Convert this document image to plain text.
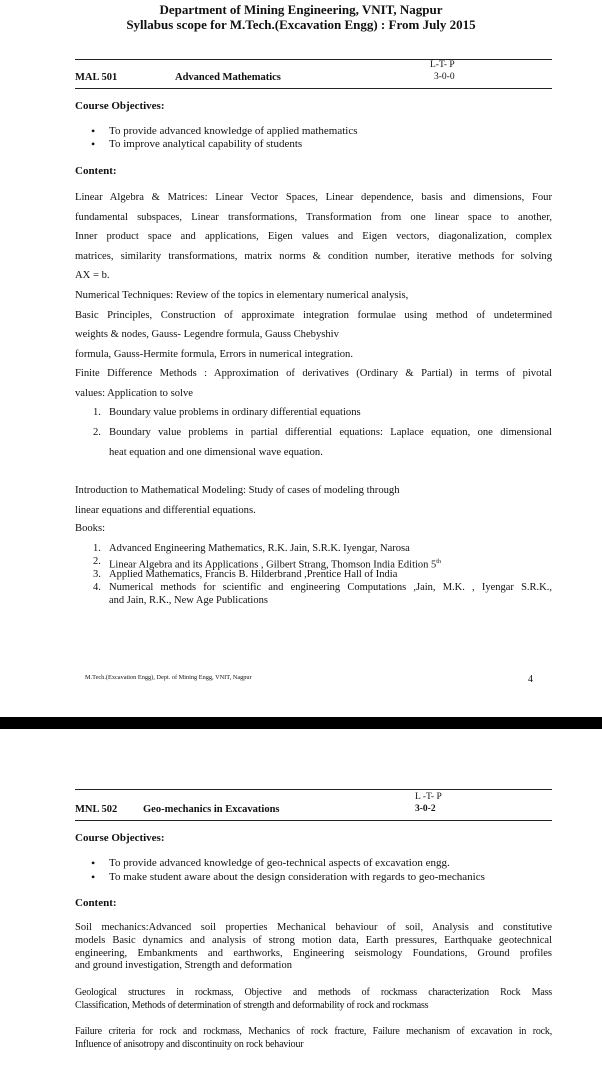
Department of Mining Engineering, VNIT, Nagpur
Syllabus scope for M.Tech.(Excavation Engg) : From July 2015
L-T- P
3-0-0
MAL 501	Advanced Mathematics
Course Objectives:
• To provide advanced knowledge of applied mathematics
• To improve analytical capability of students
Content:
Linear Algebra & Matrices: Linear Vector Spaces, Linear dependence, basis and dimensions, Four
fundamental subspaces, Linear transformations, Transformation from one linear space to another,
Inner product space and applications, Eigen values and Eigen vectors, diagonalization, complex
matrices, similarity transformations, matrix norms & condition number, iterative methods for solving
AX = b.
Numerical Techniques: Review of the topics in elementary numerical analysis,
Basic Principles, Construction of approximate integration formulae using method of undetermined
weights & nodes, Gauss- Legendre formula, Gauss Chebyshiv
formula, Gauss-Hermite formula, Errors in numerical integration.
Finite Difference Methods : Approximation of derivatives (Ordinary & Partial) in terms of pivotal
values: Application to solve
1. Boundary value problems in ordinary differential equations
2. Boundary value problems in partial differential equations: Laplace equation, one dimensional
heat equation and one dimensional wave equation.
Introduction to Mathematical Modeling: Study of cases of modeling through
linear equations and differential equations.
Books:
1. Advanced Engineering Mathematics, R.K. Jain, S.R.K. Iyengar, Narosa
2. Linear Algebra and its Applications , Gilbert Strang, Thomson India Edition 5th
3. Applied Mathematics, Francis B. Hilderbrand ,Prentice Hall of India
4. Numerical methods for scientific and engineering Computations ,Jain, M.K. , Iyengar S.R.K.,
and Jain, R.K., New Age Publications
M.Tech.(Excavation Engg), Dept. of Mining Engg, VNIT, Nagpur	4
L -T- P
MNL 502 Geo-mechanics in Excavations	3-0-2
Course Objectives:
• To provide advanced knowledge of geo-technical aspects of excavation engg.
• To make student aware about the design consideration with regards to geo-mechanics
Content:
Soil mechanics:Advanced soil properties Mechanical behaviour of soil, Analysis and constitutive
models Basic dynamics and analysis of strong motion data, Earth pressures, Earthquake geotechnical
engineering, Embankments and earthworks, Engineering seismology Foundations, Ground profiles
and ground investigation, Strength and deformation
Geological structures in rockmass, Objective and methods of rockmass characterization Rock Mass
Classification, Methods of determination of strength and deformability of rock and rockmass
Failure criteria for rock and rockmass, Mechanics of rock fracture, Failure mechanism of excavation in rock,
Influence of anisotropy and discontinuity on rock behaviour
